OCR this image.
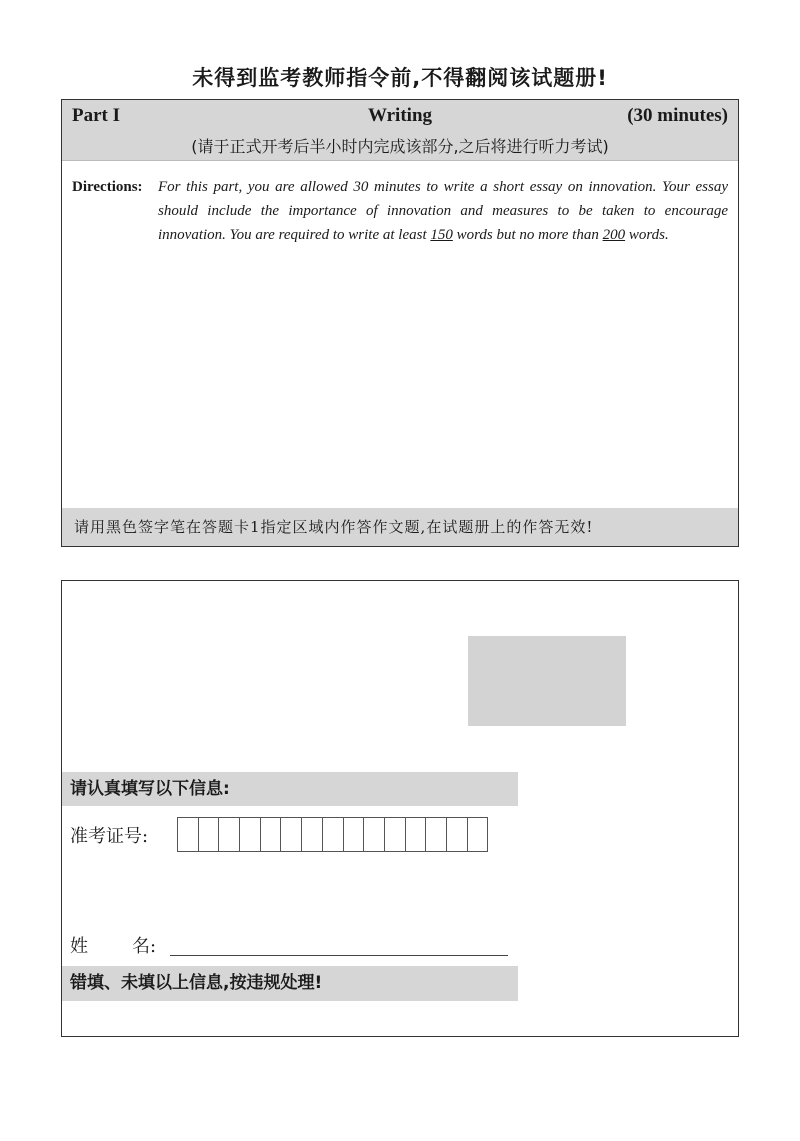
未得到监考教师指令前,不得翻阅该试题册!
Writing
Part I	(30 minutes)
(请于正式开考后半小时内完成该部分,之后将进行听力考试)
Directions: For this part, you are allowed 30 minutes to write a short essay on innovation. Your essay should include the importance of innovation and measures to be taken to encourage innovation. You are required to write at least 150 words but no more than 200 words.
请用黑色签字笔在答题卡1指定区域内作答作文题,在试题册上的作答无效!
请认真填写以下信息:
准考证号:
姓 名:
错填、未填以上信息,按违规处理!
